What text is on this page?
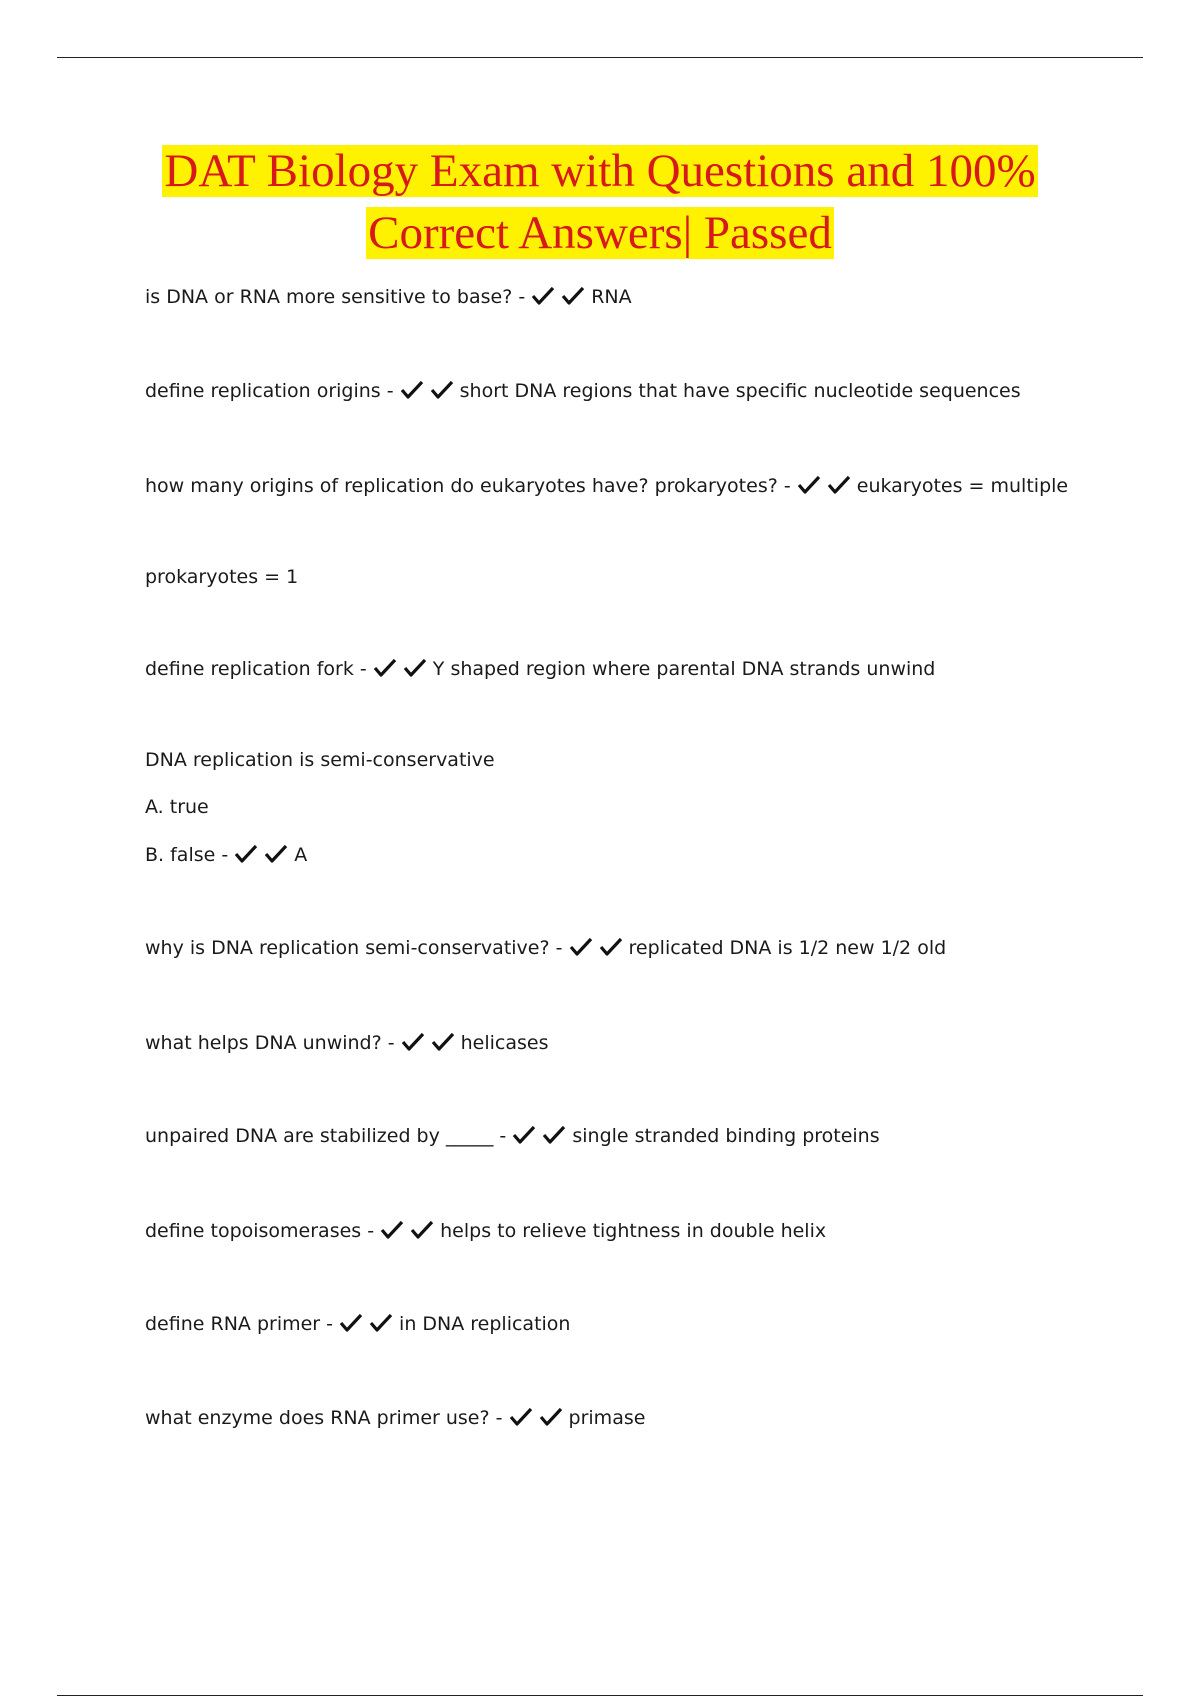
DAT Biology Exam with Questions and 100%
Correct Answers| Passed
is DNA or RNA more sensitive to base? -	RNA
define replication origins -	short DNA regions that have specific nucleotide sequences
how many origins of replication do eukaryotes have? prokaryotes? -	eukaryotes = multiple
prokaryotes = 1
define replication fork -	Y shaped region where parental DNA strands unwind
DNA replication is semi-conservative
A. true
B. false -	A
why is DNA replication semi-conservative? -	replicated DNA is 1/2 new 1/2 old
what helps DNA unwind? -	helicases
unpaired DNA are stabilized by _____ -	single stranded binding proteins
define topoisomerases -	helps to relieve tightness in double helix
define RNA primer -	in DNA replication
what enzyme does RNA primer use? -	primase
